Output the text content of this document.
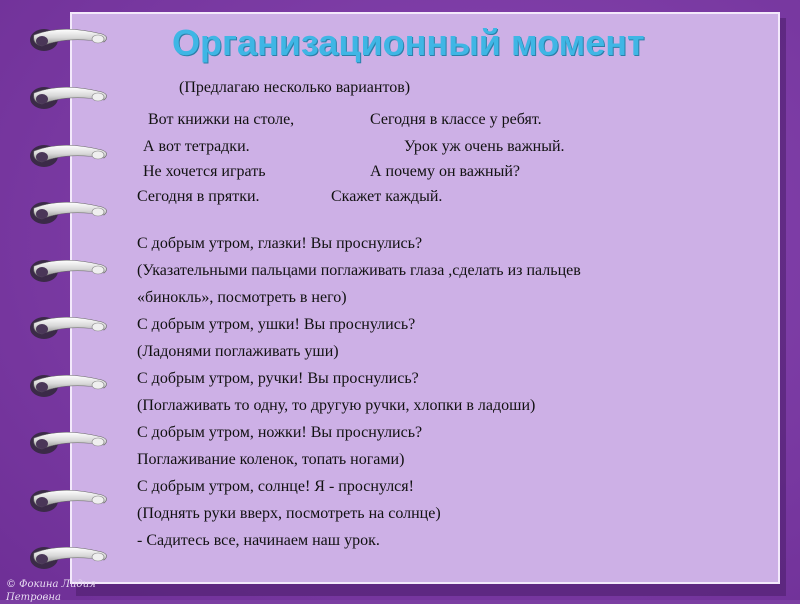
Организационный момент
(Предлагаю несколько вариантов)
Вот книжки на столе,	Сегодня в классе у ребят.
А вот тетрадки.	Урок уж очень важный.
Не хочется играть	А почему он важный?
Сегодня в прятки.	Скажет каждый.
С добрым утром, глазки! Вы проснулись?
(Указательными пальцами поглаживать глаза ,сделать из пальцев
«бинокль», посмотреть в него)
С добрым утром, ушки! Вы проснулись?
(Ладонями поглаживать уши)
С добрым утром, ручки! Вы проснулись?
(Поглаживать то одну, то другую ручки, хлопки в ладоши)
С добрым утром, ножки! Вы проснулись?
Поглаживание коленок, топать ногами)
С добрым утром, солнце! Я - проснулся!
(Поднять руки вверх, посмотреть на солнце)
- Садитесь все, начинаем наш урок.
© Фокина Лидия
Петровна
